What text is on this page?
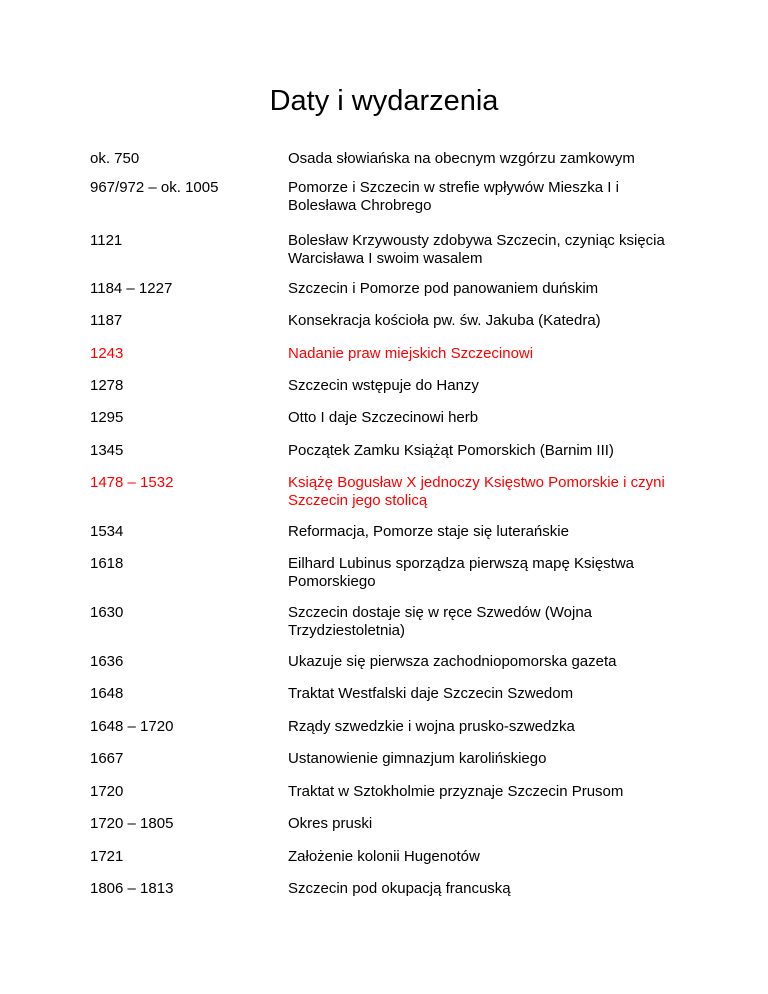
Daty i wydarzenia
ok. 750	Osada słowiańska na obecnym wzgórzu zamkowym
967/972 – ok. 1005	Pomorze i Szczecin w strefie wpływów Mieszka I i Bolesława Chrobrego
1121	Bolesław Krzywousty zdobywa Szczecin, czyniąc księcia Warcisława I swoim wasalem
1184 – 1227	Szczecin i Pomorze pod panowaniem duńskim
1187	Konsekracja kościoła pw. św. Jakuba (Katedra)
1243	Nadanie praw miejskich Szczecinowi
1278	Szczecin wstępuje do Hanzy
1295	Otto I daje Szczecinowi herb
1345	Początek Zamku Książąt Pomorskich (Barnim III)
1478 – 1532	Książę Bogusław X jednoczy Księstwo Pomorskie i czyni Szczecin jego stolicą
1534	Reformacja, Pomorze staje się luterańskie
1618	Eilhard Lubinus sporządza pierwszą mapę Księstwa Pomorskiego
1630	Szczecin dostaje się w ręce Szwedów (Wojna Trzydziestoletnia)
1636	Ukazuje się pierwsza zachodniopomorska gazeta
1648	Traktat Westfalski daje Szczecin Szwedom
1648 – 1720	Rządy szwedzkie i wojna prusko-szwedzka
1667	Ustanowienie gimnazjum karolińskiego
1720	Traktat w Sztokholmie przyznaje Szczecin Prusom
1720 – 1805	Okres pruski
1721	Założenie kolonii Hugenotów
1806 – 1813	Szczecin pod okupacją francuską
